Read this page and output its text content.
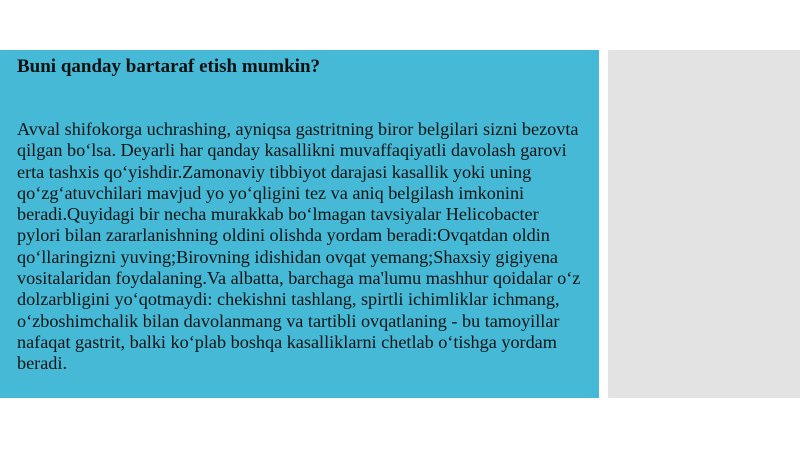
Buni qanday bartaraf etish mumkin?

Avval shifokorga uchrashing, ayniqsa gastritning biror belgilari sizni bezovta qilgan bo‘lsa. Deyarli har qanday kasallikni muvaffaqiyatli davolash garovi erta tashxis qo‘yishdir.Zamonaviy tibbiyot darajasi kasallik yoki uning qo‘zg‘atuvchilari mavjud yo yo‘qligini tez va aniq belgilash imkonini beradi.Quyidagi bir necha murakkab bo‘lmagan tavsiyalar Helicobacter pylori bilan zararlanishning oldini olishda yordam beradi:Ovqatdan oldin qo‘llaringizni yuving;Birovning idishidan ovqat yemang;Shaxsiy gigiyena vositalaridan foydalaning.Va albatta, barchaga ma'lumu mashhur qoidalar o‘z dolzarbligini yo‘qotmaydi: chekishni tashlang, spirtli ichimliklar ichmang, o‘zboshimchalik bilan davolanmang va tartibli ovqatlaning - bu tamoyillar nafaqat gastrit, balki ko‘plab boshqa kasalliklarni chetlab o‘tishga yordam beradi.
